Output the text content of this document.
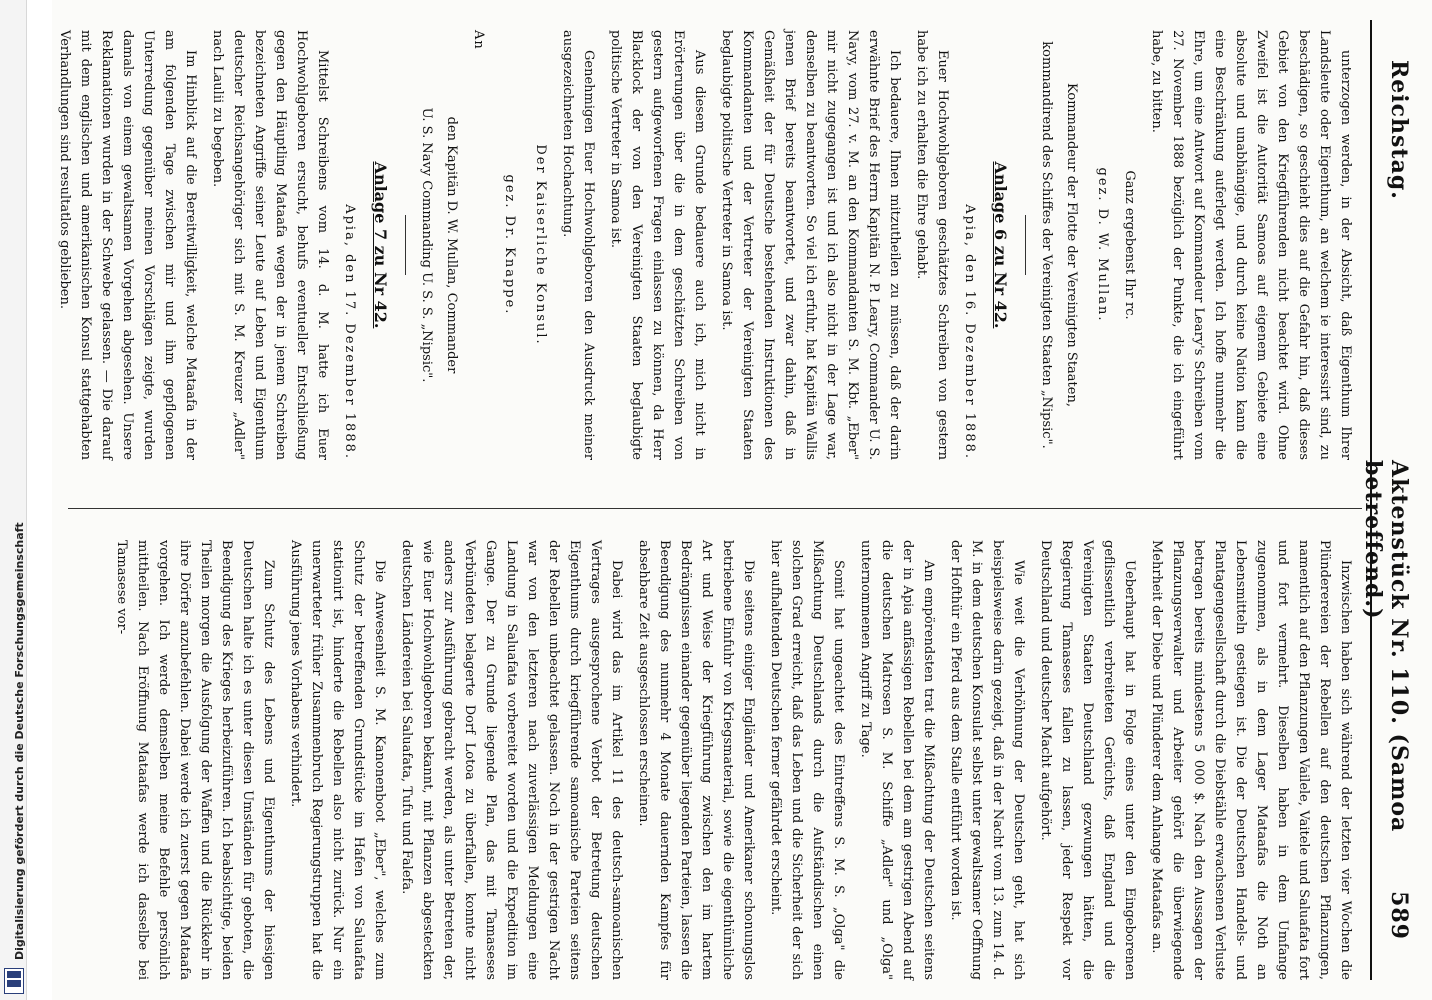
Digitalisierung gefördert durch die Deutsche Forschungsgemeinschaft
Reichstag.
Aktenstück Nr. 110. (Samoa betreffend.)
589

unterzogen werden, in der Absicht, daß Eigenthum Ihrer Landsleute oder Eigenthum, an welchem ie interessirt sind, zu beschädigen, so geschieht dies auf die Gefahr hin, daß dieses Gebiet von den Kriegführenden nicht beachtet wird. Ohne Zweifel ist die Autorität Samoas auf eigenem Gebiete eine absolute und unabhängige, und durch keine Nation kann die eine Beschränkung auferlegt werden. Ich hoffe nunmehr die Ehre, um eine Antwort auf Kommandeur Leary's Schreiben vom 27. November 1888 bezüglich der Punkte, die ich eingeführt habe, zu bitten.

Ganz ergebenst Ihr rc.
gez. D. W. Mullan.
Kommandeur der Flotte der Vereinigten Staaten,
kommandirend des Schiffes der Vereinigten Staaten „Nipsic".
Anlage 6 zu Nr 42.
Apia, den 16. Dezember 1888.

Euer Hochwohlgeboren geschätztes Schreiben von gestern habe ich zu erhalten die Ehre gehabt.

Ich bedauere, Ihnen mitzutheilen zu müssen, daß der darin erwähnte Brief des Herrn Kapitän N. P. Leary, Commander U. S. Navy, vom 27. v. M. an den Kommandanten S. M. Kbt. „Eber" mir nicht zugegangen ist und ich also nicht in der Lage war, denselben zu beantworten. So viel ich erfuhr, hat Kapitän Wallis jenen Brief bereits beantwortet, und zwar dahin, daß in Gemäßheit der für Deutsche bestehenden Instruktionen des Kommandanten und der Vertreter der Vereinigten Staaten beglaubigte politische Vertreter in Samoa ist.

Aus diesem Grunde bedauere auch ich, mich nicht in Erörterungen über die in dem geschätzten Schreiben von gestern aufgeworfenen Fragen einlassen zu können, da Herr Blacklock der von den Vereinigten Staaten beglaubigte politische Vertreter in Samoa ist.

Genehmigen Euer Hochwohlgeboren den Ausdruck meiner ausgezeichneten Hochachtung.

Der Kaiserliche Konsul.
gez. Dr. Knappe.
An
den Kapitän D. W. Mullan, Commander
U. S. Navy Commanding U. S. S. „Nipsic".
Anlage 7 zu Nr 42.
Apia, den 17. Dezember 1888.

Mittelst Schreibens vom 14. d. M. hatte ich Euer Hochwohlgeboren ersucht, behufs eventueller Entschließung gegen den Häuptling Mataafa wegen der in jenem Schreiben bezeichneten Angriffe seiner Leute auf Leben und Eigenthum deutscher Reichsangehöriger sich mit S. M. Kreuzer „Adler" nach Laulii zu begeben.

Im Hinblick auf die Bereitwilligkeit, welche Mataafa in der am folgenden Tage zwischen mir und ihm gepflogenen Unterredung gegenüber meinen Vorschlägen zeigte, wurden damals von einem gewaltsamen Vorgehen abgesehen. Unsere Reklamationen wurden in der Schwebe gelassen. — Die darauf mit dem englischen und amerikanischen Konsul stattgehabten Verhandlungen sind resultatlos geblieben.

Inzwischen haben sich während der letzten vier Wochen die Plünderereien der Rebellen auf den deutschen Pflanzungen, namentlich auf den Pflanzungen Vailele, Vaitele und Saluafata fort und fort vermehrt. Dieselben haben in dem Umfange zugenommen, als in dem Lager Mataafas die Noth an Lebensmitteln gestiegen ist. Die der Deutschen Handels- und Plantagengesellschaft durch die Diebstähle erwachsenen Verluste betragen bereits mindestens 5 000 $. Nach den Aussagen der Pflanzungsverwalter und Arbeiter gehört die überwiegende Mehrheit der Diebe und Plünderer dem Anhange Mataafas an.

Ueberhaupt hat in Folge eines unter den Eingeborenen geflissentlich verbreiteten Gerüchts, daß England und die Vereinigten Staaten Deutschland gezwungen hätten, die Regierung Tamaseses fallen zu lassen, jeder Respekt vor Deutschland und deutscher Macht aufgehört.

Wie weit die Verhöhnung der Deutschen geht, hat sich beispielsweise darin gezeigt, daß in der Nacht vom 13. zum 14. d. M. in dem deutschen Konsulat selbst unter gewaltsamer Oeffnung der Hofthür ein Pferd aus dem Stalle entführt worden ist.

Am empörendsten trat die Mißachtung der Deutschen seitens der in Apia anfässigen Rebellen bei dem am gestrigen Abend auf die deutschen Matrosen S. M. Schiffe „Adler" und „Olga" unternommenen Angriff zu Tage.

Somit hat ungeachtet des Eintreffens S. M. S. „Olga" die Mißachtung Deutschlands durch die Aufständischen einen solchen Grad erreicht, daß das Leben und die Sicherheit der sich hier aufhaltenden Deutschen ferner gefährdet erscheint.

Die seitens einiger Engländer und Amerikaner schonungslos betriebene Einfuhr von Kriegsmaterial, sowie die eigenthümliche Art und Weise der Kriegführung zwischen den im hartem Bedrängnissen einander gegenüber liegenden Parteien, lassen die Beendigung des nunmehr 4 Monate dauernden Kampfes für absehbare Zeit ausgeschlossen erscheinen.

Dabei wird das im Artikel 11 des deutsch-samoanischen Vertrages ausgesprochene Verbot der Betretung deutschen Eigenthums durch kriegführende samoanische Parteien seitens der Rebellen unbeachtet gelassen. Noch in der gestrigen Nacht war von den letzteren nach zuverlässigen Meldungen eine Landung in Saluafata vorbereitet worden und die Expedition im Gange. Der zu Grunde liegende Plan, das mit Tamaseses Verbündeten belagerte Dorf Lotoa zu überfallen, konnte nicht anders zur Ausführung gebracht werden, als unter Betreten der, wie Euer Hochwohlgeboren bekannt, mit Pflanzen abgesteckten deutschen Ländereien bei Saluafata, Tufu und Falefa.

Die Anwesenheit S. M. Kanonenboot „Eber", welches zum Schutz der betreffenden Grundstücke im Hafen von Saluafata stationirt ist, hinderte die Rebellen also nicht zurück. Nur ein unerwarteter früher Zusammenbruch Regierungstruppen hat die Ausführung jenes Vorhabens verhindert.

Zum Schutz des Lebens und Eigenthums der hiesigen Deutschen halte ich es unter diesen Umständen für geboten, die Beendigung des Krieges herbeizuführen. Ich beabsichtige, beiden Theilen morgen die Ausfolgung der Waffen und die Rückkehr in ihre Dörfer anzubefehlen. Dabei werde ich zuerst gegen Mataafa vorgehen. Ich werde demselben meine Befehle persönlich mittheilen. Nach Eröffnung Mataafas werde ich dasselbe bei Tamasese vor-
